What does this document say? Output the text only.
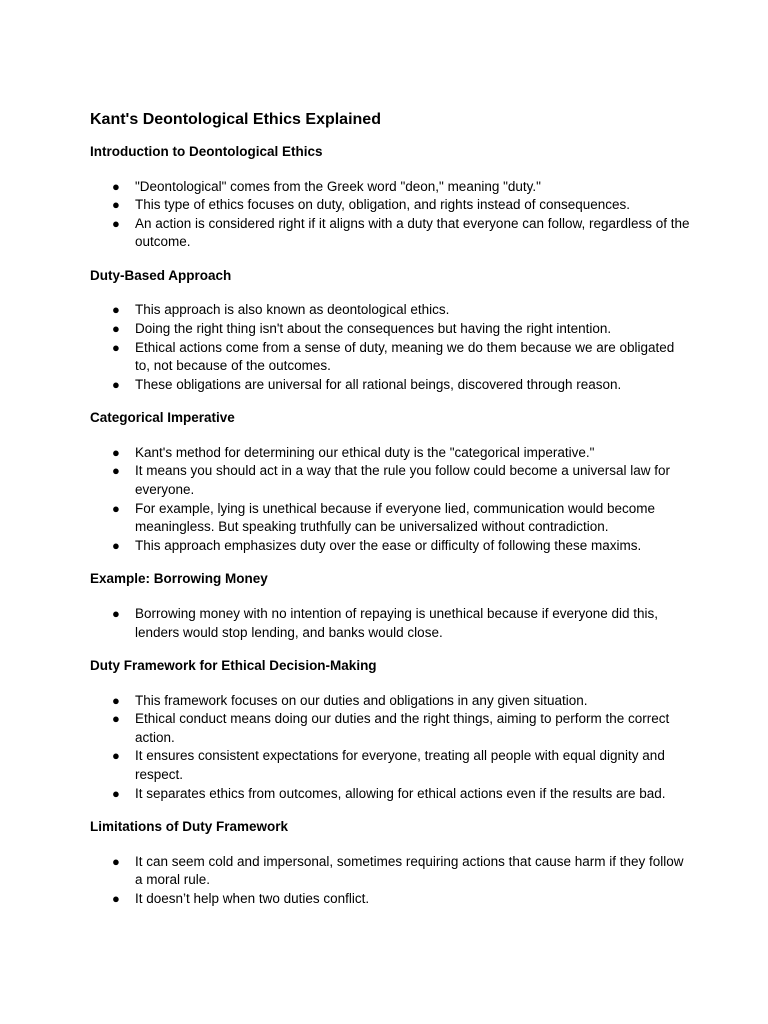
Kant's Deontological Ethics Explained
Introduction to Deontological Ethics
● "Deontological" comes from the Greek word "deon," meaning "duty."
● This type of ethics focuses on duty, obligation, and rights instead of consequences.
● An action is considered right if it aligns with a duty that everyone can follow, regardless of the outcome.
Duty-Based Approach
● This approach is also known as deontological ethics.
● Doing the right thing isn't about the consequences but having the right intention.
● Ethical actions come from a sense of duty, meaning we do them because we are obligated to, not because of the outcomes.
● These obligations are universal for all rational beings, discovered through reason.
Categorical Imperative
● Kant's method for determining our ethical duty is the "categorical imperative."
● It means you should act in a way that the rule you follow could become a universal law for everyone.
● For example, lying is unethical because if everyone lied, communication would become meaningless. But speaking truthfully can be universalized without contradiction.
● This approach emphasizes duty over the ease or difficulty of following these maxims.
Example: Borrowing Money
● Borrowing money with no intention of repaying is unethical because if everyone did this, lenders would stop lending, and banks would close.
Duty Framework for Ethical Decision-Making
● This framework focuses on our duties and obligations in any given situation.
● Ethical conduct means doing our duties and the right things, aiming to perform the correct action.
● It ensures consistent expectations for everyone, treating all people with equal dignity and respect.
● It separates ethics from outcomes, allowing for ethical actions even if the results are bad.
Limitations of Duty Framework
● It can seem cold and impersonal, sometimes requiring actions that cause harm if they follow a moral rule.
● It doesn’t help when two duties conflict.
